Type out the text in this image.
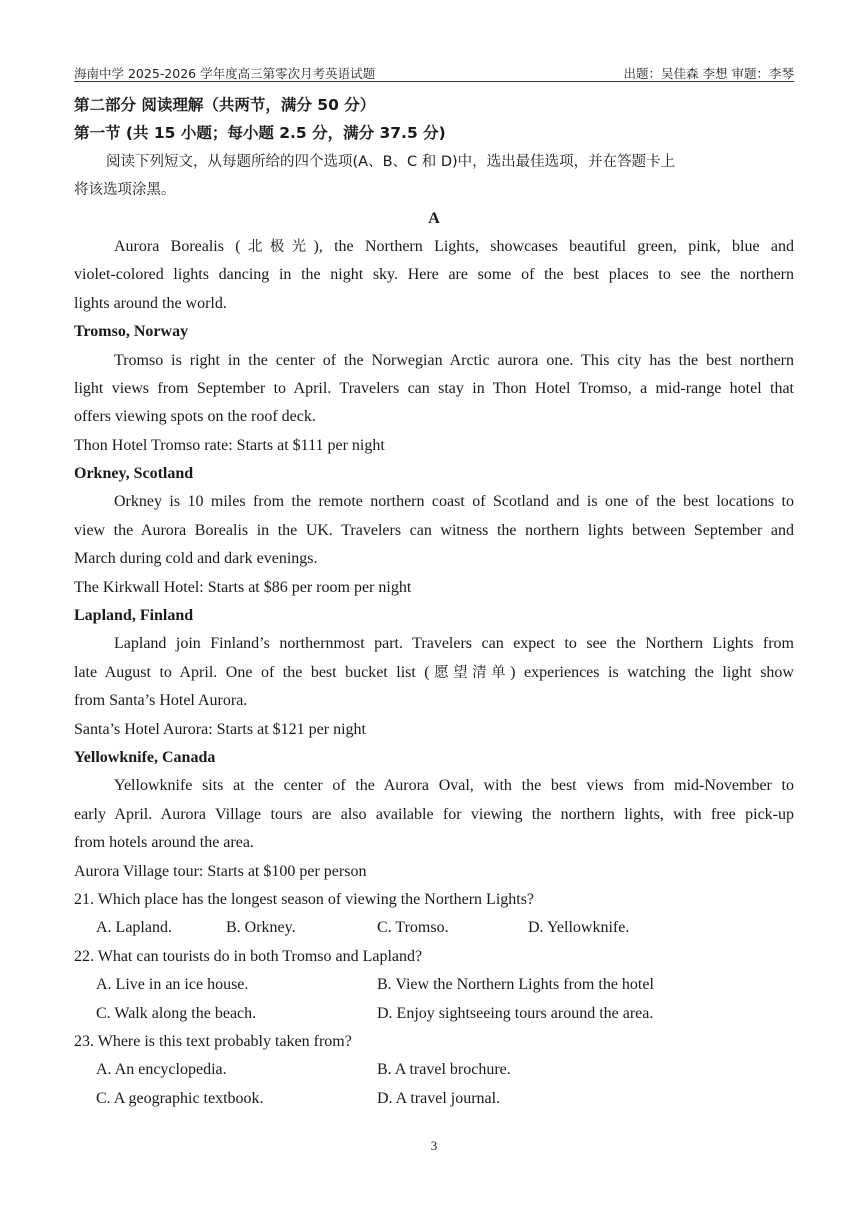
海南中学 2025-2026 学年度高三第零次月考英语试题	出题：吴佳森 李想 审题：李琴
第二部分 阅读理解（共两节，满分 50 分）
第一节 (共 15 小题；每小题 2.5 分，满分 37.5 分)
阅读下列短文，从每题所给的四个选项(A、B、C 和 D)中，选出最佳选项，并在答题卡上
将该选项涂黑。
A
Aurora Borealis (北极光), the Northern Lights, showcases beautiful green, pink, blue and
violet-colored lights dancing in the night sky. Here are some of the best places to see the northern
lights around the world.
Tromso, Norway
Tromso is right in the center of the Norwegian Arctic aurora one. This city has the best northern
light views from September to April. Travelers can stay in Thon Hotel Tromso, a mid-range hotel that
offers viewing spots on the roof deck.
Thon Hotel Tromso rate: Starts at $111 per night
Orkney, Scotland
Orkney is 10 miles from the remote northern coast of Scotland and is one of the best locations to
view the Aurora Borealis in the UK. Travelers can witness the northern lights between September and
March during cold and dark evenings.
The Kirkwall Hotel: Starts at $86 per room per night
Lapland, Finland
Lapland join Finland’s northernmost part. Travelers can expect to see the Northern Lights from
late August to April. One of the best bucket list (愿望清单) experiences is watching the light show
from Santa’s Hotel Aurora.
Santa’s Hotel Aurora: Starts at $121 per night
Yellowknife, Canada
Yellowknife sits at the center of the Aurora Oval, with the best views from mid-November to
early April. Aurora Village tours are also available for viewing the northern lights, with free pick-up
from hotels around the area.
Aurora Village tour: Starts at $100 per person
21. Which place has the longest season of viewing the Northern Lights?
A. Lapland.	B. Orkney.	C. Tromso.	D. Yellowknife.
22. What can tourists do in both Tromso and Lapland?
A. Live in an ice house.	B. View the Northern Lights from the hotel
C. Walk along the beach.	D. Enjoy sightseeing tours around the area.
23. Where is this text probably taken from?
A. An encyclopedia.	B. A travel brochure.
C. A geographic textbook.	D. A travel journal.
3
